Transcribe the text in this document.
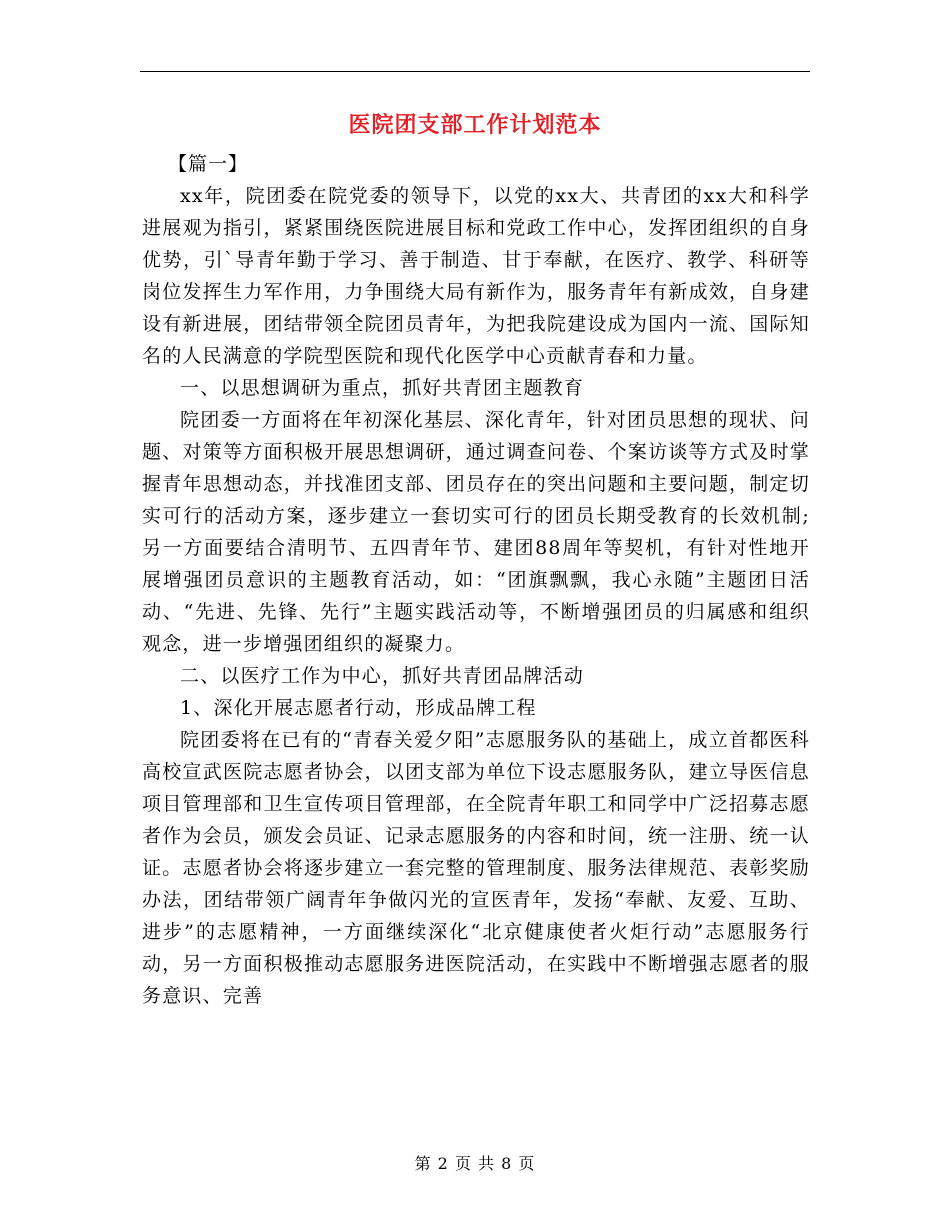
医院团支部工作计划范本
【篇一】

xx年，院团委在院党委的领导下，以党的xx大、共青团的xx大和科学进展观为指引，紧紧围绕医院进展目标和党政工作中心，发挥团组织的自身优势，引`导青年勤于学习、善于制造、甘于奉献，在医疗、教学、科研等岗位发挥生力军作用，力争围绕大局有新作为，服务青年有新成效，自身建设有新进展，团结带领全院团员青年，为把我院建设成为国内一流、国际知名的人民满意的学院型医院和现代化医学中心贡献青春和力量。

一、以思想调研为重点，抓好共青团主题教育

院团委一方面将在年初深化基层、深化青年，针对团员思想的现状、问题、对策等方面积极开展思想调研，通过调查问卷、个案访谈等方式及时掌握青年思想动态，并找准团支部、团员存在的突出问题和主要问题，制定切实可行的活动方案，逐步建立一套切实可行的团员长期受教育的长效机制;另一方面要结合清明节、五四青年节、建团88周年等契机，有针对性地开展增强团员意识的主题教育活动，如：“团旗飘飘，我心永随”主题团日活动、“先进、先锋、先行”主题实践活动等，不断增强团员的归属感和组织观念，进一步增强团组织的凝聚力。

二、以医疗工作为中心，抓好共青团品牌活动

1、深化开展志愿者行动，形成品牌工程

院团委将在已有的“青春关爱夕阳”志愿服务队的基础上，成立首都医科高校宣武医院志愿者协会，以团支部为单位下设志愿服务队，建立导医信息项目管理部和卫生宣传项目管理部，在全院青年职工和同学中广泛招募志愿者作为会员，颁发会员证、记录志愿服务的内容和时间，统一注册、统一认证。志愿者协会将逐步建立一套完整的管理制度、服务法律规范、表彰奖励办法，团结带领广阔青年争做闪光的宣医青年，发扬“奉献、友爱、互助、进步”的志愿精神，一方面继续深化“北京健康使者火炬行动”志愿服务行动，另一方面积极推动志愿服务进医院活动，在实践中不断增强志愿者的服务意识、完善

第 2 页 共 8 页
